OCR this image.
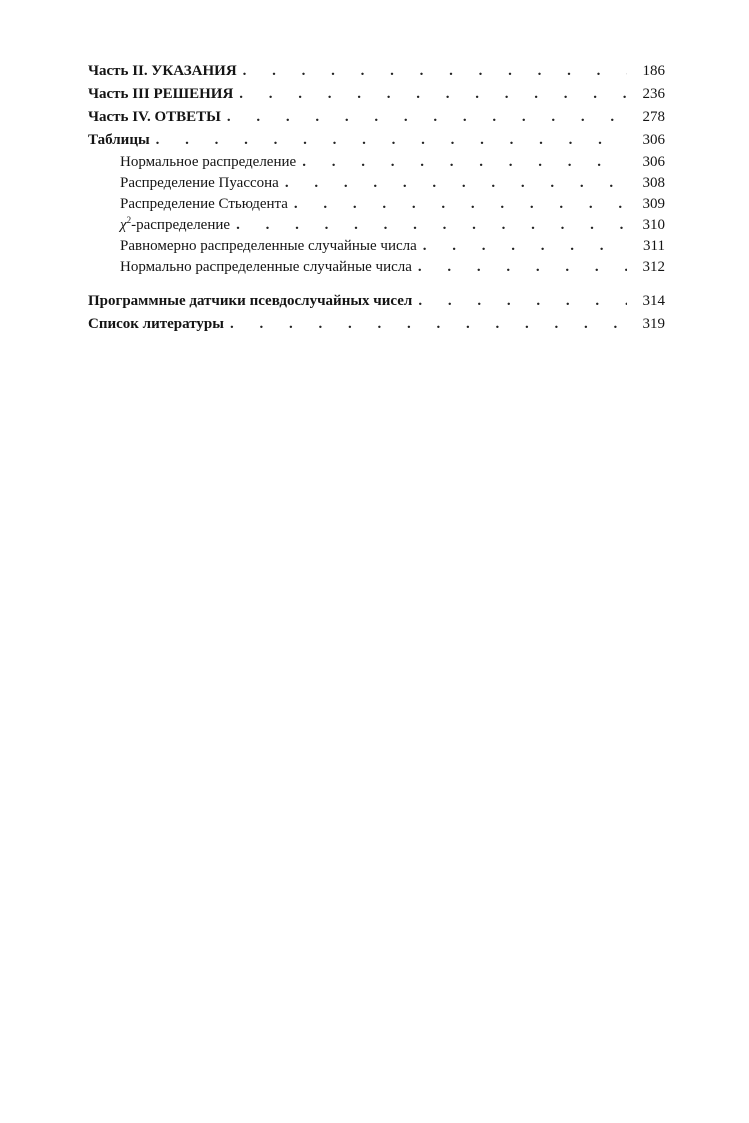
Часть II. УКАЗАНИЯ . . .	186
Часть III РЕШЕНИЯ . . .	236
Часть IV. ОТВЕТЫ . . .	278
Таблицы . . .	306
Нормальное распределение . . .	306
Распределение Пуассона . . .	308
Распределение Стьюдента . . .	309
$\chi^2$-распределение . . .	310
Равномерно распределенные случайные числа . . .	311
Нормально распределенные случайные числа . . .	312
Программные датчики псевдослучайных чисел . . .	314
Список литературы . . .	319
